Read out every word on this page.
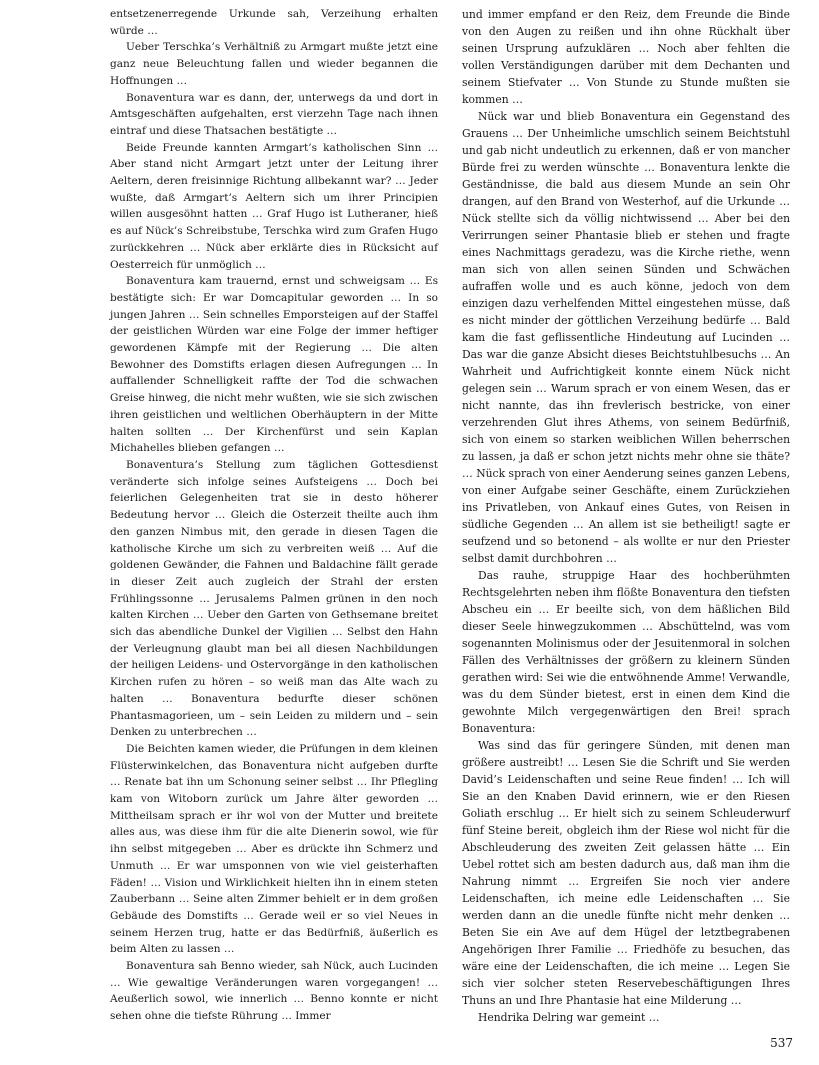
entsetzenerregende Urkunde sah, Verzeihung erhalten würde …

Ueber Terschka’s Verhältniß zu Armgart mußte jetzt eine ganz neue Beleuchtung fallen und wieder begannen die Hoffnungen …

Bonaventura war es dann, der, unterwegs da und dort in Amtsgeschäften aufgehalten, erst vierzehn Tage nach ihnen eintraf und diese Thatsachen bestätigte …

Beide Freunde kannten Armgart’s katholischen Sinn … Aber stand nicht Armgart jetzt unter der Leitung ihrer Aeltern, deren freisinnige Richtung allbekannt war? … Jeder wußte, daß Armgart’s Aeltern sich um ihrer Principien willen ausgesöhnt hatten … Graf Hugo ist Lutheraner, hieß es auf Nück’s Schreibstube, Terschka wird zum Grafen Hugo zurückkehren … Nück aber erklärte dies in Rücksicht auf Oesterreich für unmöglich …

Bonaventura kam trauernd, ernst und schweigsam … Es bestätigte sich: Er war Domcapitular geworden … In so jungen Jahren … Sein schnelles Emporsteigen auf der Staffel der geistlichen Würden war eine Folge der immer heftiger gewordenen Kämpfe mit der Regierung … Die alten Bewohner des Domstifts erlagen diesen Aufregungen … In auffallender Schnelligkeit raffte der Tod die schwachen Greise hinweg, die nicht mehr wußten, wie sie sich zwischen ihren geistlichen und weltlichen Oberhäuptern in der Mitte halten sollten … Der Kirchenfürst und sein Kaplan Michahelles blieben gefangen …

Bonaventura’s Stellung zum täglichen Gottesdienst veränderte sich infolge seines Aufsteigens … Doch bei feierlichen Gelegenheiten trat sie in desto höherer Bedeutung hervor … Gleich die Osterzeit theilte auch ihm den ganzen Nimbus mit, den gerade in diesen Tagen die katholische Kirche um sich zu verbreiten weiß … Auf die goldenen Gewänder, die Fahnen und Baldachine fällt gerade in dieser Zeit auch zugleich der Strahl der ersten Frühlingssonne … Jerusalems Palmen grünen in den noch kalten Kirchen … Ueber den Garten von Gethsemane breitet sich das abendliche Dunkel der Vigilien … Selbst den Hahn der Verleugnung glaubt man bei all diesen Nachbildungen der heiligen Leidens- und Ostervorgänge in den katholischen Kirchen rufen zu hören – so weiß man das Alte wach zu halten … Bonaventura bedurfte dieser schönen Phantasmagorieen, um – sein Leiden zu mildern und – sein Denken zu unterbrechen …

Die Beichten kamen wieder, die Prüfungen in dem kleinen Flüsterwinkelchen, das Bonaventura nicht aufgeben durfte … Renate bat ihn um Schonung seiner selbst … Ihr Pflegling kam von Witoborn zurück um Jahre älter geworden … Mittheilsam sprach er ihr wol von der Mutter und breitete alles aus, was diese ihm für die alte Dienerin sowol, wie für ihn selbst mitgegeben … Aber es drückte ihn Schmerz und Unmuth … Er war umsponnen von wie viel geisterhaften Fäden! … Vision und Wirklichkeit hielten ihn in einem steten Zauberbann … Seine alten Zimmer behielt er in dem großen Gebäude des Domstifts … Gerade weil er so viel Neues in seinem Herzen trug, hatte er das Bedürfniß, äußerlich es beim Alten zu lassen …

Bonaventura sah Benno wieder, sah Nück, auch Lucinden … Wie gewaltige Veränderungen waren vorgegangen! … Aeußerlich sowol, wie innerlich … Benno konnte er nicht sehen ohne die tiefste Rührung … Immer

und immer empfand er den Reiz, dem Freunde die Binde von den Augen zu reißen und ihn ohne Rückhalt über seinen Ursprung aufzuklären … Noch aber fehlten die vollen Verständigungen darüber mit dem Dechanten und seinem Stiefvater … Von Stunde zu Stunde mußten sie kommen …

Nück war und blieb Bonaventura ein Gegenstand des Grauens … Der Unheimliche umschlich seinem Beichtstuhl und gab nicht undeutlich zu erkennen, daß er von mancher Bürde frei zu werden wünschte … Bonaventura lenkte die Geständnisse, die bald aus diesem Munde an sein Ohr drangen, auf den Brand von Westerhof, auf die Urkunde … Nück stellte sich da völlig nichtwissend … Aber bei den Verirrungen seiner Phantasie blieb er stehen und fragte eines Nachmittags geradezu, was die Kirche riethe, wenn man sich von allen seinen Sünden und Schwächen aufraffen wolle und es auch könne, jedoch von dem einzigen dazu verhelfenden Mittel eingestehen müsse, daß es nicht minder der göttlichen Verzeihung bedürfe … Bald kam die fast geflissentliche Hindeutung auf Lucinden … Das war die ganze Absicht dieses Beichtstuhlbesuchs … An Wahrheit und Aufrichtigkeit konnte einem Nück nicht gelegen sein … Warum sprach er von einem Wesen, das er nicht nannte, das ihn frevlerisch bestricke, von einer verzehrenden Glut ihres Athems, von seinem Bedürfniß, sich von einem so starken weiblichen Willen beherrschen zu lassen, ja daß er schon jetzt nichts mehr ohne sie thäte? … Nück sprach von einer Aenderung seines ganzen Lebens, von einer Aufgabe seiner Geschäfte, einem Zurückziehen ins Privatleben, von Ankauf eines Gutes, von Reisen in südliche Gegenden … An allem ist sie betheiligt! sagte er seufzend und so betonend – als wollte er nur den Priester selbst damit durchbohren …

Das rauhe, struppige Haar des hochberühmten Rechtsgelehrten neben ihm flößte Bonaventura den tiefsten Abscheu ein … Er beeilte sich, von dem häßlichen Bild dieser Seele hinwegzukommen … Abschüttelnd, was vom sogenannten Molinismus oder der Jesuitenmoral in solchen Fällen des Verhältnisses der größern zu kleinern Sünden gerathen wird: Sei wie die entwöhnende Amme! Verwandle, was du dem Sünder bietest, erst in einen dem Kind die gewohnte Milch vergegenwärtigen den Brei! sprach Bonaventura:

Was sind das für geringere Sünden, mit denen man größere austreibt! … Lesen Sie die Schrift und Sie werden David’s Leidenschaften und seine Reue finden! … Ich will Sie an den Knaben David erinnern, wie er den Riesen Goliath erschlug … Er hielt sich zu seinem Schleuderwurf fünf Steine bereit, obgleich ihm der Riese wol nicht für die Abschleuderung des zweiten Zeit gelassen hätte … Ein Uebel rottet sich am besten dadurch aus, daß man ihm die Nahrung nimmt … Ergreifen Sie noch vier andere Leidenschaften, ich meine edle Leidenschaften … Sie werden dann an die unedle fünfte nicht mehr denken … Beten Sie ein Ave auf dem Hügel der letztbegrabenen Angehörigen Ihrer Familie … Friedhöfe zu besuchen, das wäre eine der Leidenschaften, die ich meine … Legen Sie sich vier solcher steten Reservebeschäftigungen Ihres Thuns an und Ihre Phantasie hat eine Milderung …

Hendrika Delring war gemeint …

537
